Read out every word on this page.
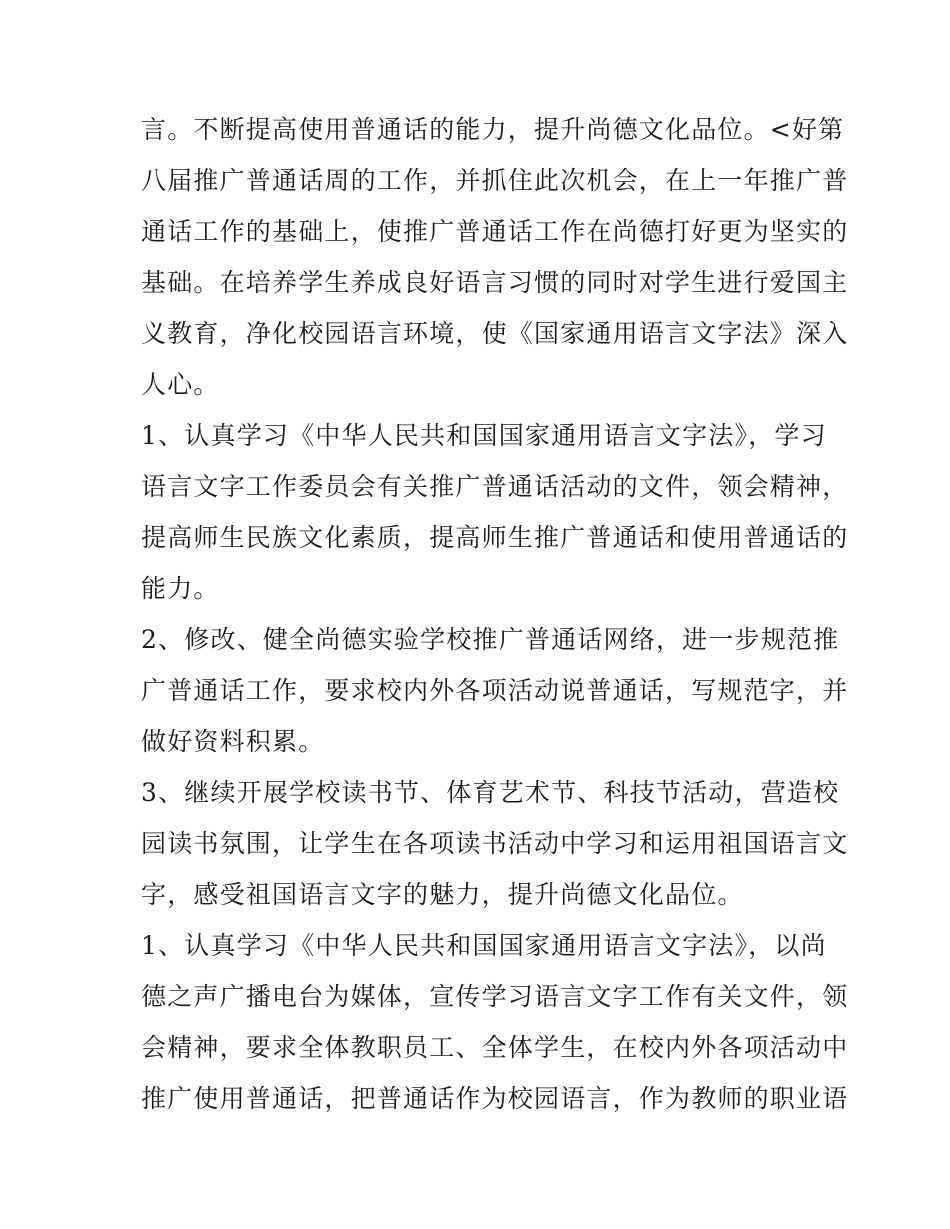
言。不断提高使用普通话的能力，提升尚德文化品位。<好第
八届推广普通话周的工作，并抓住此次机会，在上一年推广普
通话工作的基础上，使推广普通话工作在尚德打好更为坚实的
基础。在培养学生养成良好语言习惯的同时对学生进行爱国主
义教育，净化校园语言环境，使《国家通用语言文字法》深入
人心。
1、认真学习《中华人民共和国国家通用语言文字法》，学习
语言文字工作委员会有关推广普通话活动的文件，领会精神，
提高师生民族文化素质，提高师生推广普通话和使用普通话的
能力。
2、修改、健全尚德实验学校推广普通话网络，进一步规范推
广普通话工作，要求校内外各项活动说普通话，写规范字，并
做好资料积累。
3、继续开展学校读书节、体育艺术节、科技节活动，营造校
园读书氛围，让学生在各项读书活动中学习和运用祖国语言文
字，感受祖国语言文字的魅力，提升尚德文化品位。
1、认真学习《中华人民共和国国家通用语言文字法》，以尚
德之声广播电台为媒体，宣传学习语言文字工作有关文件，领
会精神，要求全体教职员工、全体学生，在校内外各项活动中
推广使用普通话，把普通话作为校园语言，作为教师的职业语
